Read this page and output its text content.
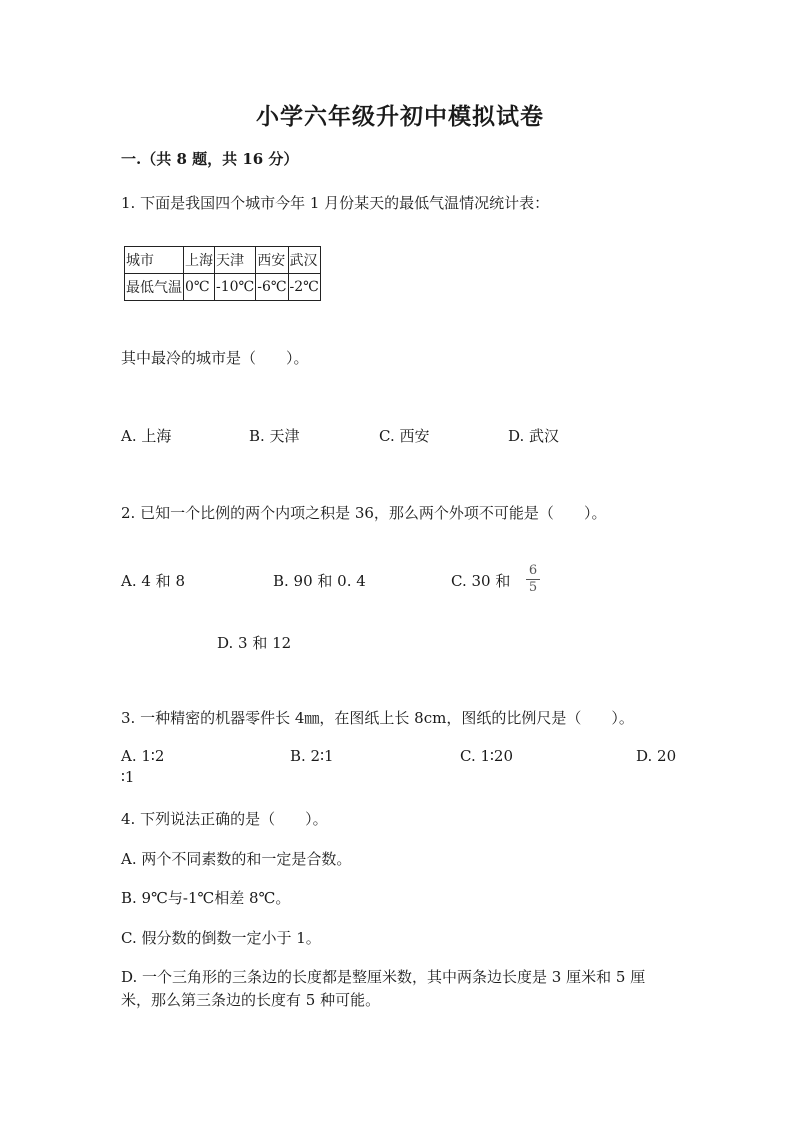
小学六年级升初中模拟试卷
一.（共 8 题，共 16 分）
1. 下面是我国四个城市今年 1 月份某天的最低气温情况统计表：
城市	上海	天津	西安	武汉
最低气温	0℃	-10℃	-6℃	-2℃
其中最冷的城市是（　　）。
A. 上海	B. 天津	C. 西安	D. 武汉
2. 已知一个比例的两个内项之积是 36，那么两个外项不可能是（　　）。
A. 4 和 8	B. 90 和 0. 4	C. 30 和
6
5
D. 3 和 12
3. 一种精密的机器零件长 4㎜，在图纸上长 8cm，图纸的比例尺是（　　）。
A. 1∶2	B. 2∶1	C. 1∶20	D. 20
∶1
4. 下列说法正确的是（　　）。
A. 两个不同素数的和一定是合数。
B. 9℃与-1℃相差 8℃。
C. 假分数的倒数一定小于 1。
D. 一个三角形的三条边的长度都是整厘米数，其中两条边长度是 3 厘米和 5 厘
米，那么第三条边的长度有 5 种可能。
